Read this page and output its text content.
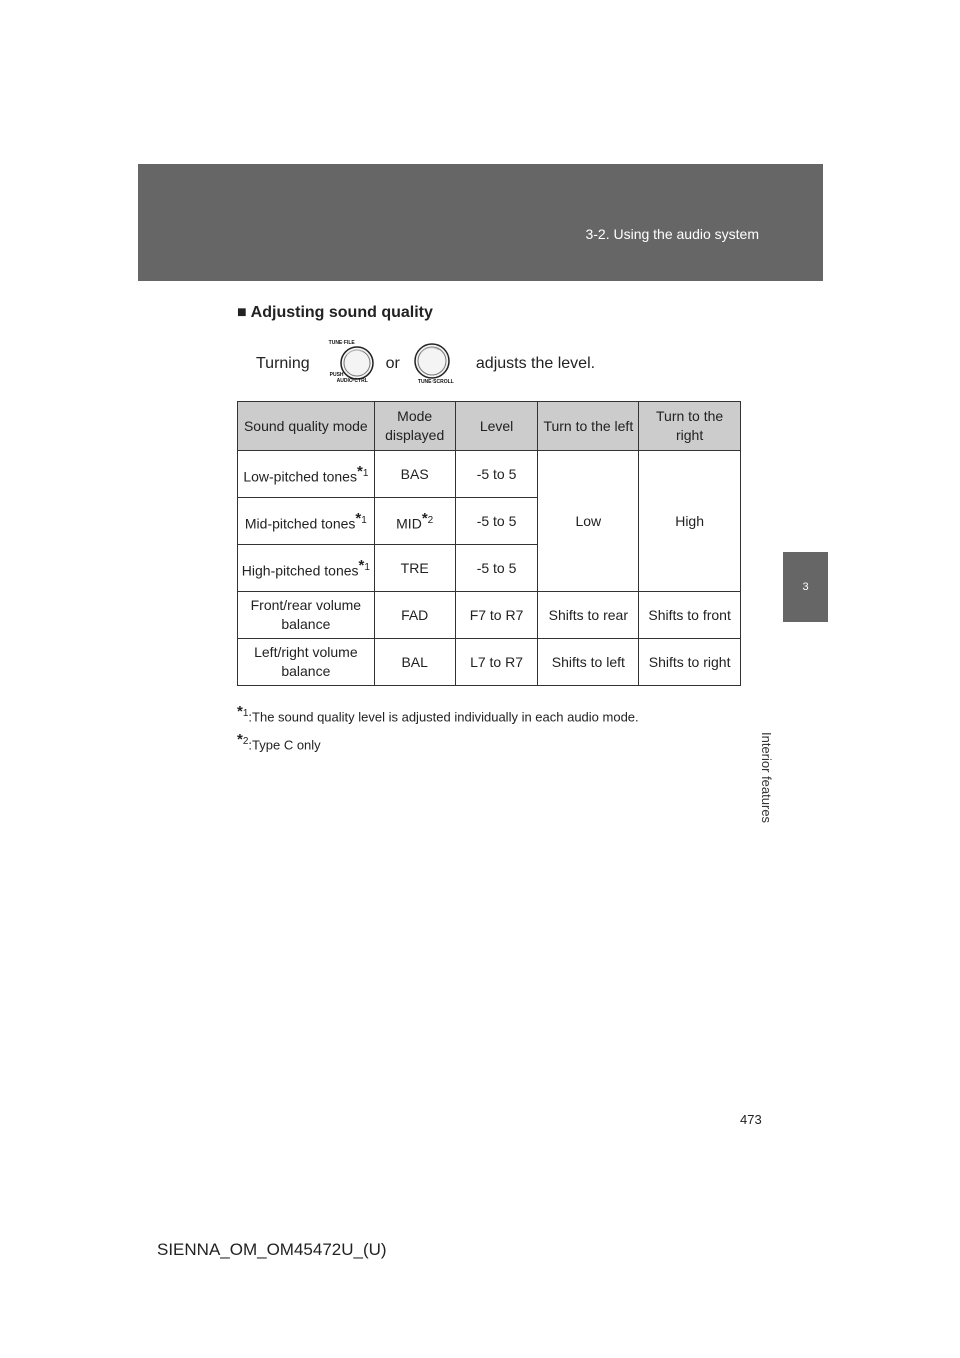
3-2. Using the audio system
3
Interior features
■ Adjusting sound quality
Turning
TUNE·FILE
PUSH
AUDIO·CTRL
or
TUNE·SCROLL
adjusts the level.
Sound quality mode	Mode displayed	Level	Turn to the left	Turn to the right
Low-pitched tones$^{*1}$	BAS	-5 to 5	Low	High
Mid-pitched tones$^{*1}$	MID$^{*2}$	-5 to 5		
High-pitched tones$^{*1}$	TRE	-5 to 5		
Front/rear volume balance	FAD	F7 to R7	Shifts to rear	Shifts to front
Left/right volume balance	BAL	L7 to R7	Shifts to left	Shifts to right
$^{*1}$:The sound quality level is adjusted individually in each audio mode.
$^{*2}$:Type C only
473
SIENNA_OM_OM45472U_(U)
